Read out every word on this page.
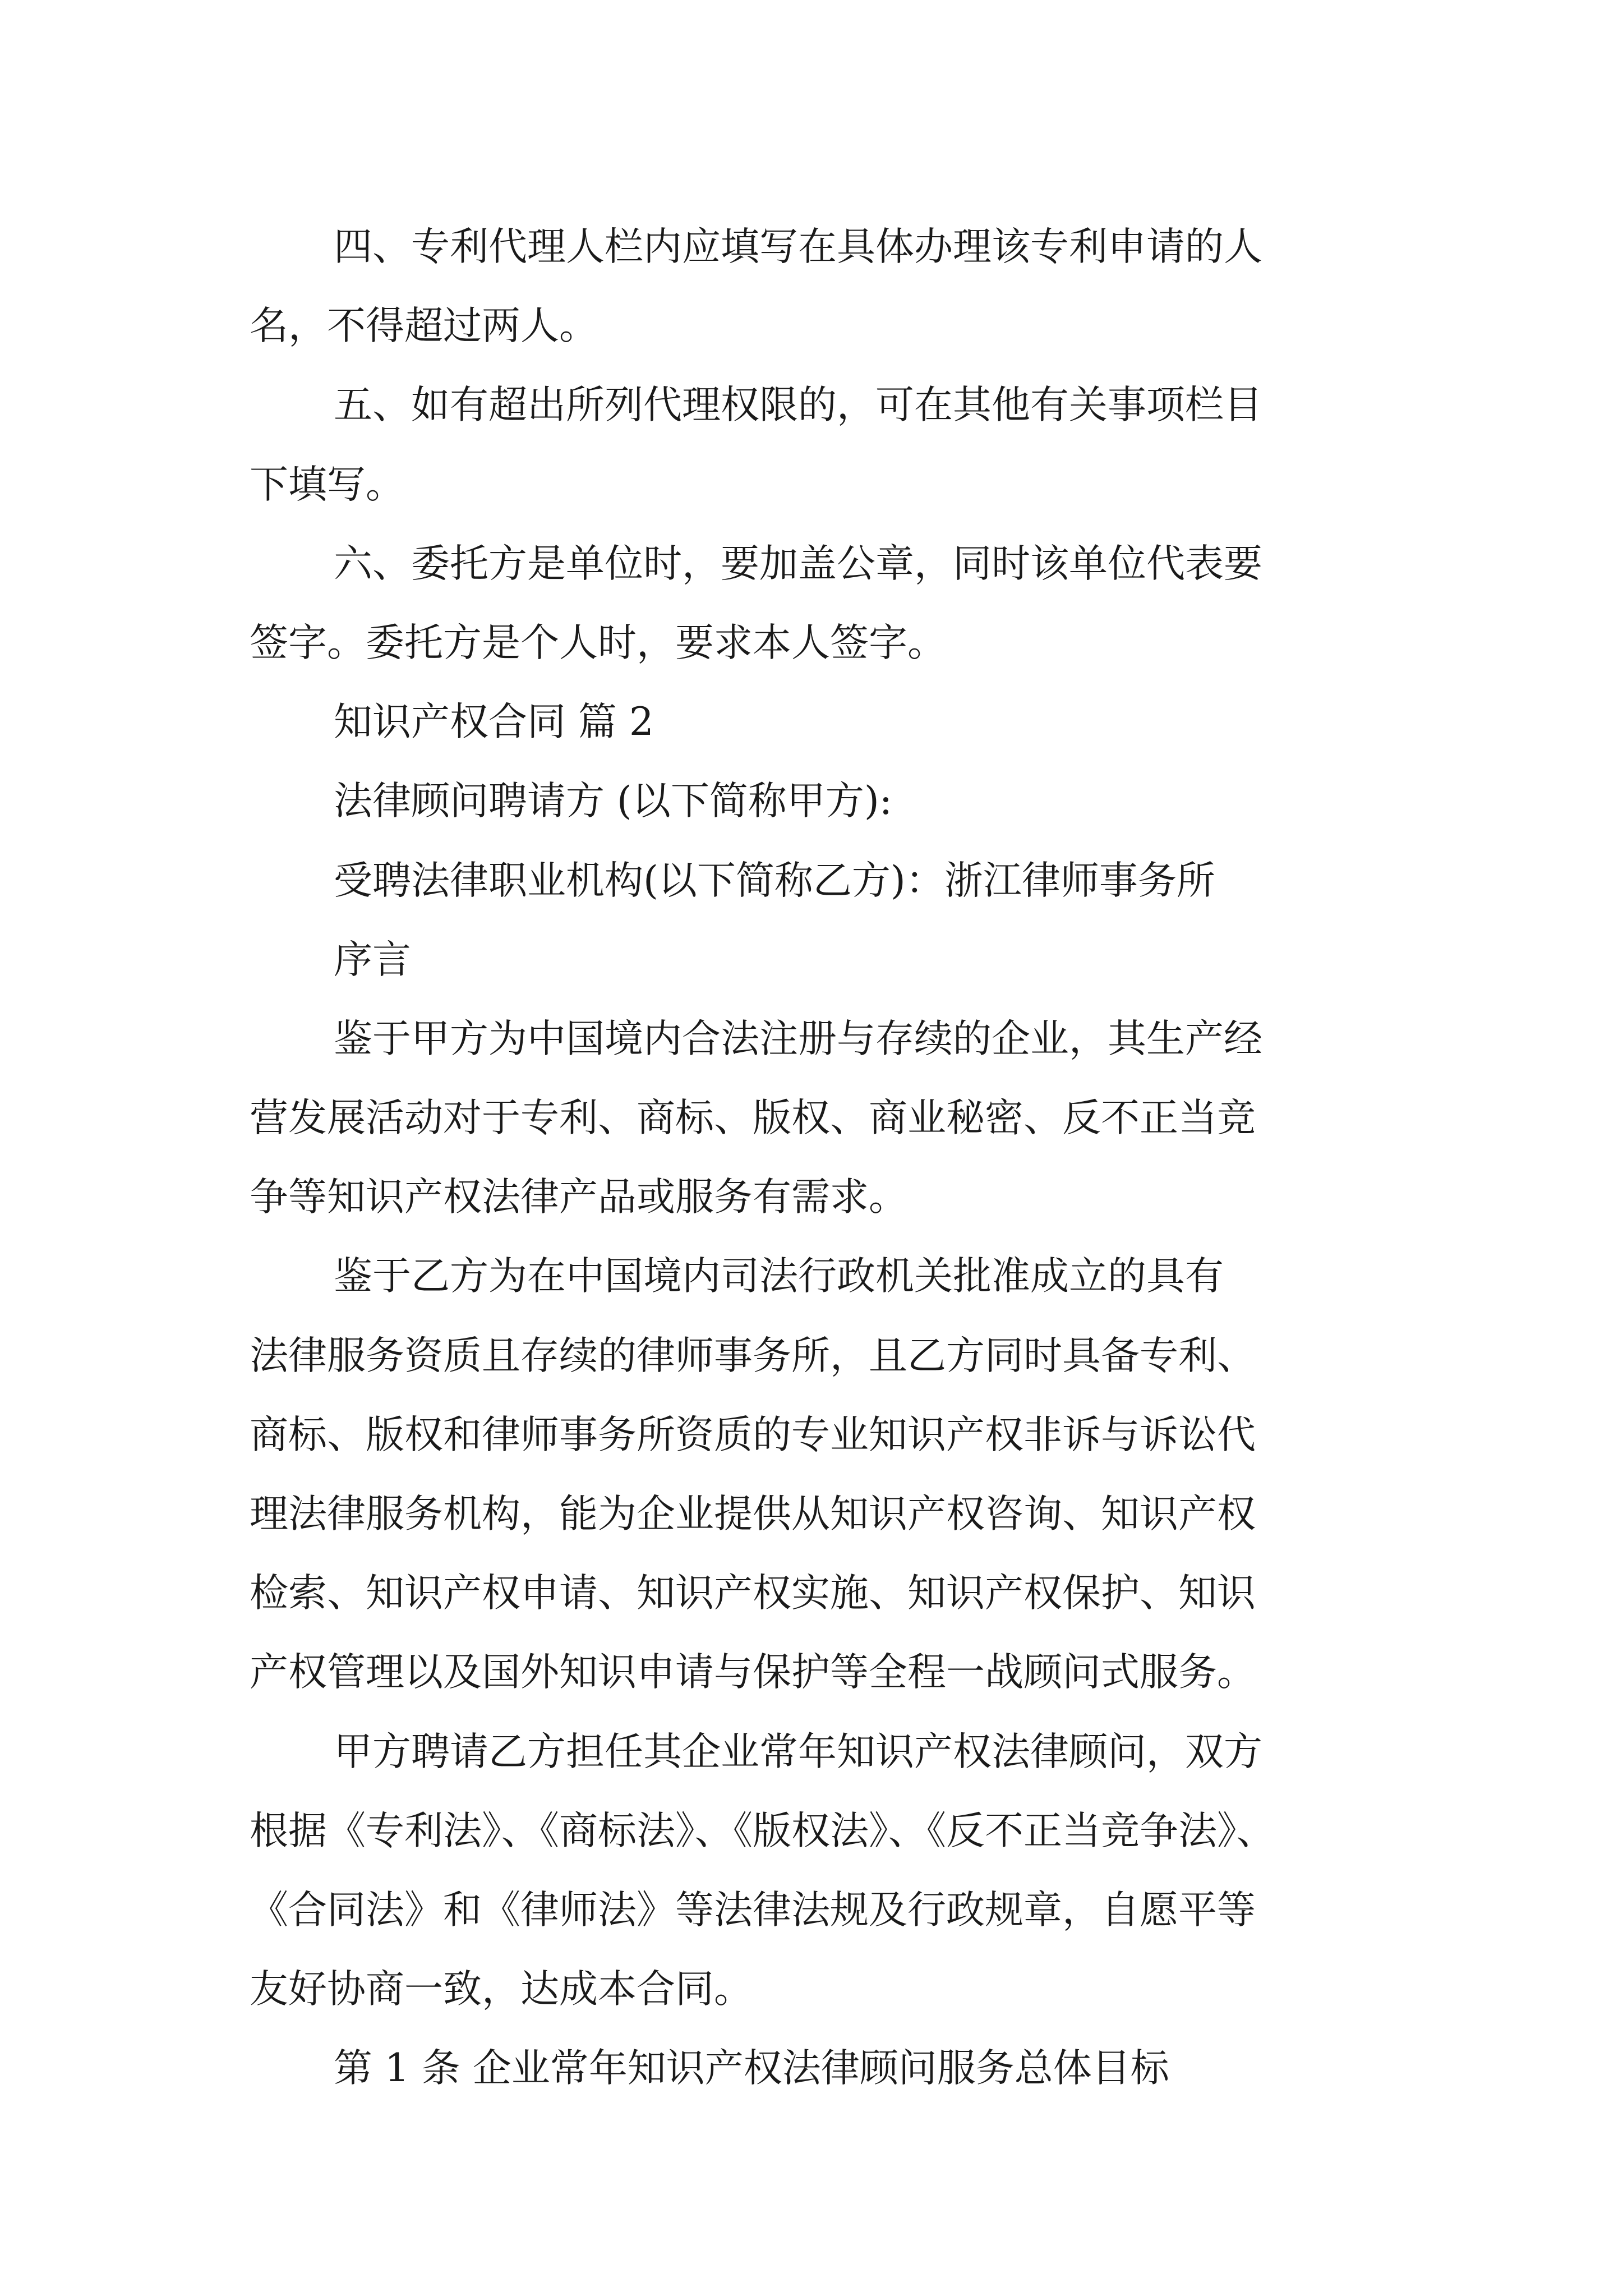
四、专利代理人栏内应填写在具体办理该专利申请的人
名，不得超过两人。
五、如有超出所列代理权限的，可在其他有关事项栏目
下填写。
六、委托方是单位时，要加盖公章，同时该单位代表要
签字。委托方是个人时，要求本人签字。
知识产权合同 篇 2
法律顾问聘请方 (以下简称甲方):
受聘法律职业机构(以下简称乙方)：浙江律师事务所
序言
鉴于甲方为中国境内合法注册与存续的企业，其生产经
营发展活动对于专利、商标、版权、商业秘密、反不正当竞
争等知识产权法律产品或服务有需求。
鉴于乙方为在中国境内司法行政机关批准成立的具有
法律服务资质且存续的律师事务所，且乙方同时具备专利、
商标、版权和律师事务所资质的专业知识产权非诉与诉讼代
理法律服务机构，能为企业提供从知识产权咨询、知识产权
检索、知识产权申请、知识产权实施、知识产权保护、知识
产权管理以及国外知识申请与保护等全程一战顾问式服务。
甲方聘请乙方担任其企业常年知识产权法律顾问，双方
根据《专利法》、《商标法》、《版权法》、《反不正当竞争法》、
《合同法》和《律师法》等法律法规及行政规章，自愿平等
友好协商一致，达成本合同。
第 1 条 企业常年知识产权法律顾问服务总体目标
